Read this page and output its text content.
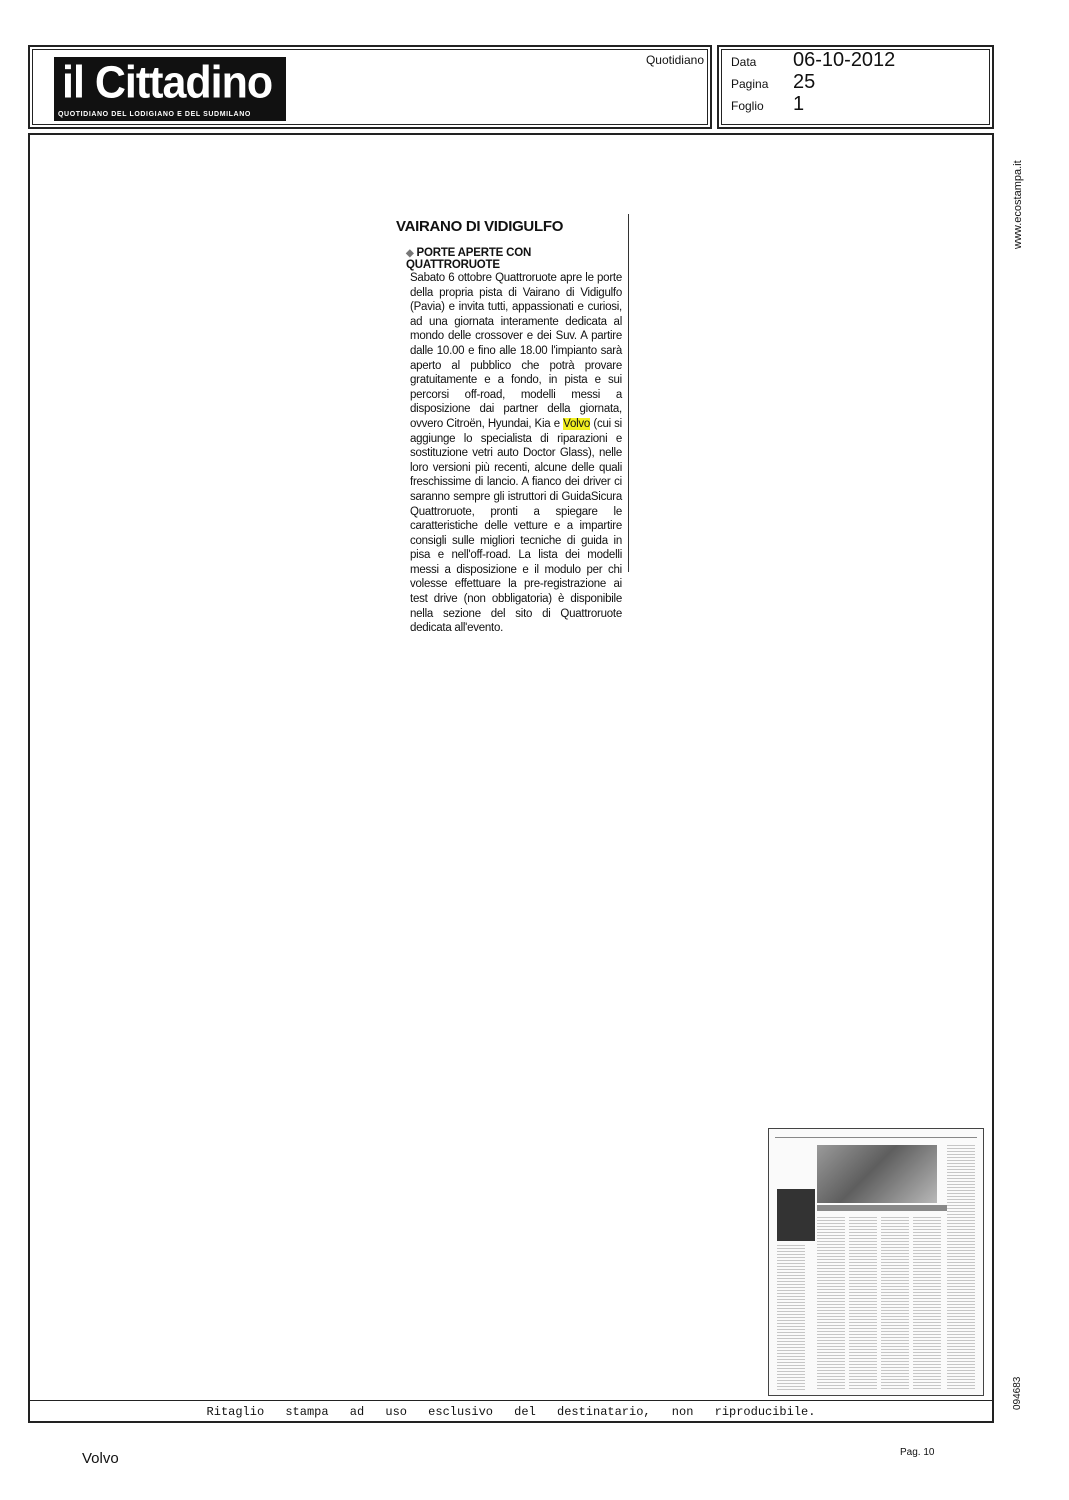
il Cittadino
QUOTIDIANO DEL LODIGIANO E DEL SUDMILANO
Quotidiano Data 06-10-2012
Pagina 25
Foglio 1
Ritaglio stampa ad uso esclusivo del destinatario, non riproducibile.
VAIRANO DI VIDIGULFO
◆ PORTE APERTE CON QUATTRORUOTE
Sabato 6 ottobre Quattroruote apre le porte della propria pista di Vairano di Vidigulfo (Pavia) e invita tutti, appassionati e curiosi, ad una giornata interamente dedicata al mondo delle crossover e dei Suv. A partire dalle 10.00 e fino alle 18.00 l'impianto sarà aperto al pubblico che potrà provare gratuitamente e a fondo, in pista e sui percorsi off-road, modelli messi a disposizione dai partner della giornata, ovvero Citroën, Hyundai, Kia e Volvo (cui si aggiunge lo specialista di riparazioni e sostituzione vetri auto Doctor Glass), nelle loro versioni più recenti, alcune delle quali freschissime di lancio. A fianco dei driver ci saranno sempre gli istruttori di GuidaSicura Quattroruote, pronti a spiegare le caratteristiche delle vetture e a impartire consigli sulle migliori tecniche di guida in pisa e nell'off-road. La lista dei modelli messi a disposizione e il modulo per chi volesse effettuare la pre-registrazione ai test drive (non obbligatoria) è disponibile nella sezione del sito di Quattroruote dedicata all'evento.
www.ecostampa.it
094683
Volvo	Pag. 10
